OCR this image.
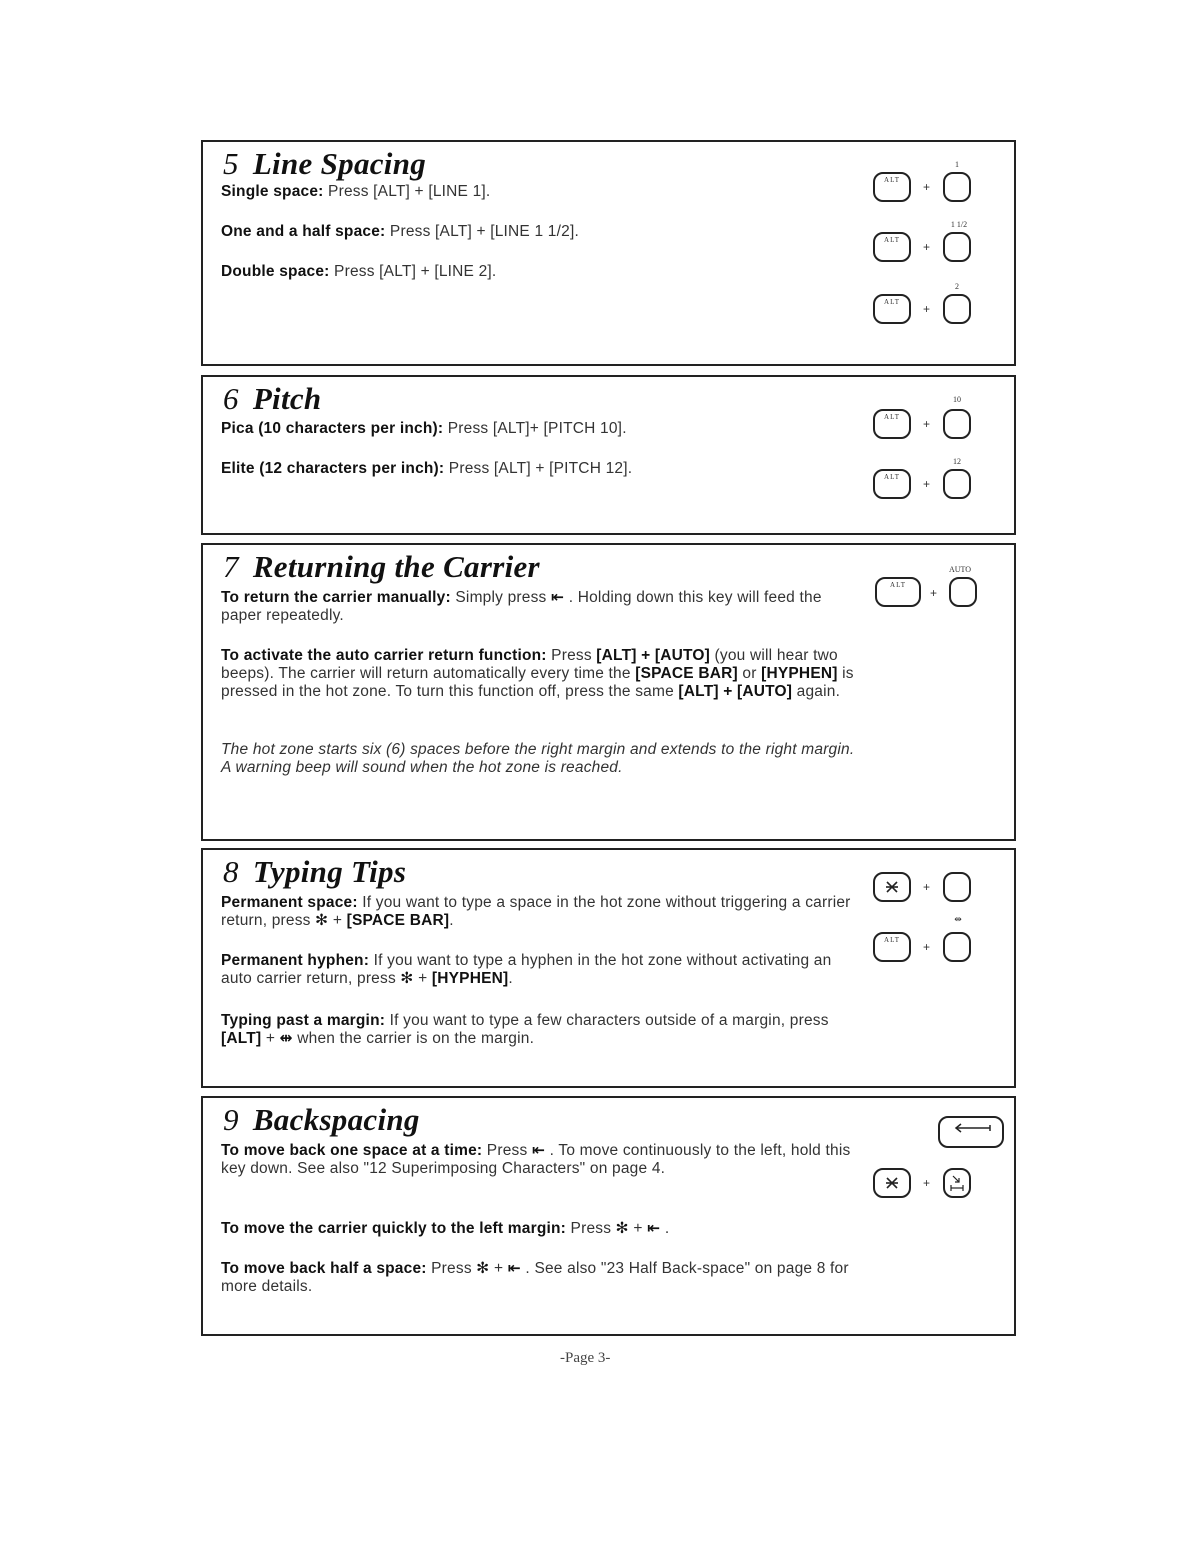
5 Line Spacing
Single space: Press [ALT] + [LINE 1].
One and a half space: Press [ALT] + [LINE 1 1/2].
Double space: Press [ALT] + [LINE 2].
ALT	+
1
ALT	+
1 1/2
ALT	+
2
6 Pitch
Pica (10 characters per inch): Press [ALT]+ [PITCH 10].
Elite (12 characters per inch): Press [ALT] + [PITCH 12].
ALT	+
10
ALT	+
12
7 Returning the Carrier
To return the carrier manually: Simply press ⇤ . Holding down this key will feed the paper repeatedly.
To activate the auto carrier return function: Press [ALT] + [AUTO] (you will hear two beeps). The carrier will return automatically every time the [SPACE BAR] or [HYPHEN] is pressed in the hot zone. To turn this function off, press the same [ALT] + [AUTO] again.
The hot zone starts six (6) spaces before the right margin and extends to the right margin. A warning beep will sound when the hot zone is reached.
ALT
+
AUTO
8 Typing Tips
Permanent space: If you want to type a space in the hot zone without triggering a carrier return, press ✻ + [SPACE BAR].
Permanent hyphen: If you want to type a hyphen in the hot zone without activating an auto carrier return, press ✻ + [HYPHEN].
Typing past a margin: If you want to type a few characters outside of a margin, press [ALT] + ⇹ when the carrier is on the margin.
+
⇹
ALT	+
9 Backspacing
To move back one space at a time: Press ⇤ . To move continuously to the left, hold this key down. See also "12 Superimposing Characters" on page 4.
To move the carrier quickly to the left margin: Press ✻ + ⇤ .
To move back half a space: Press ✻ + ⇤ . See also "23 Half Back-space" on page 8 for more details.
+
-Page 3-
